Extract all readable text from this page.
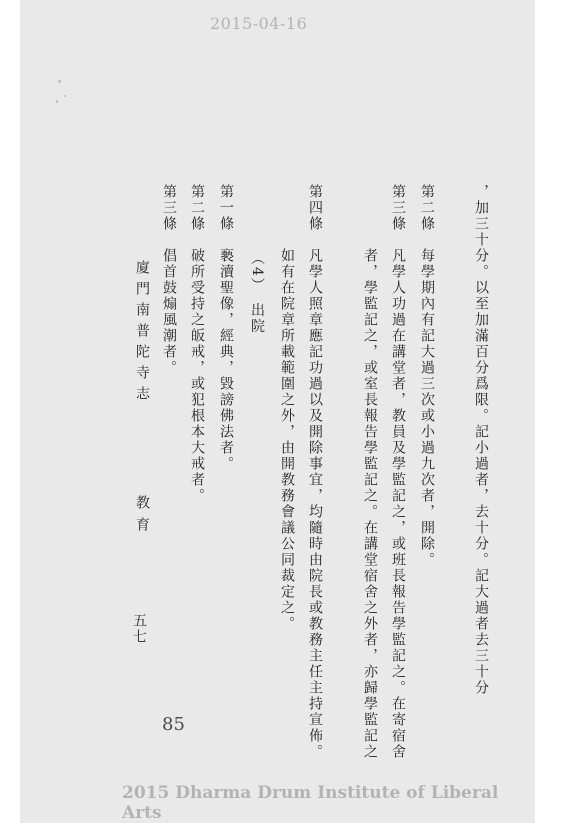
2015-04-16
，加三十分。以至加滿百分爲限。記小過者，去十分。記大過者去三十分
第二條　每學期內有記大過三次或小過九次者，開除。
第三條　凡學人功過在講堂者，教員及學監記之，或班長報告學監記之。在寄宿舍
　　　　者，學監記之，或室長報告學監記之。在講堂宿舍之外者，亦歸學監記之
第四條　凡學人照章應記功過以及開除事宜，均隨時由院長或教務主任主持宣佈。
　　　　如有在院章所載範圍之外，由開教務會議公同裁定之。
（4）　出院
第一條　褻瀆聖像，經典，毀謗佛法者。
第二條　破所受持之皈戒，或犯根本大戒者。
第三條　倡首鼓煽風潮者。
廈門南普陀寺志
教育
五七
85
2015 Dharma Drum Institute of Liberal Arts
